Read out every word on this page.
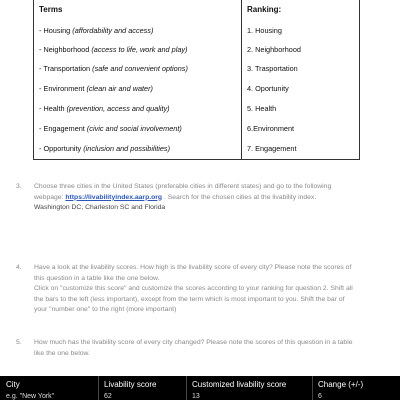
Terms
- Housing (affordability and access)
- Neighborhood (access to life, work and play)
- Transportation (safe and convenient options)
- Environment (clean air and water)
- Health (prevention, access and quality)
- Engagement (civic and social involvement)
- Opportunity (inclusion and possibilities)
Ranking:
1. Housing
2. Neighborhood
3. Trasportation
4. Oportunity
5. Health
6.Environment
7. Engagement
3. Choose three cities in the United States (preferable cities in different states) and go to the following webpage: https://livabilityindex.aarp.org . Search for the chosen cities at the livability index.
Washington DC, Charleston SC and Florida
4. Have a look at the livability scores. How high is the livability score of every city? Please note the scores of this question in a table like the one below.
Click on "customize this score" and customize the scores according to your ranking for question 2. Shift all the bars to the left (less important), except from the term which is most important to you. Shift the bar of your "number one" to the right (more important)
5. How much has the livability score of every city changed? Please note the scores of this question in a table like the one below.
City	Livability score	Customized livability score	Change (+/-)
e.g. "New York"	62	13	6
